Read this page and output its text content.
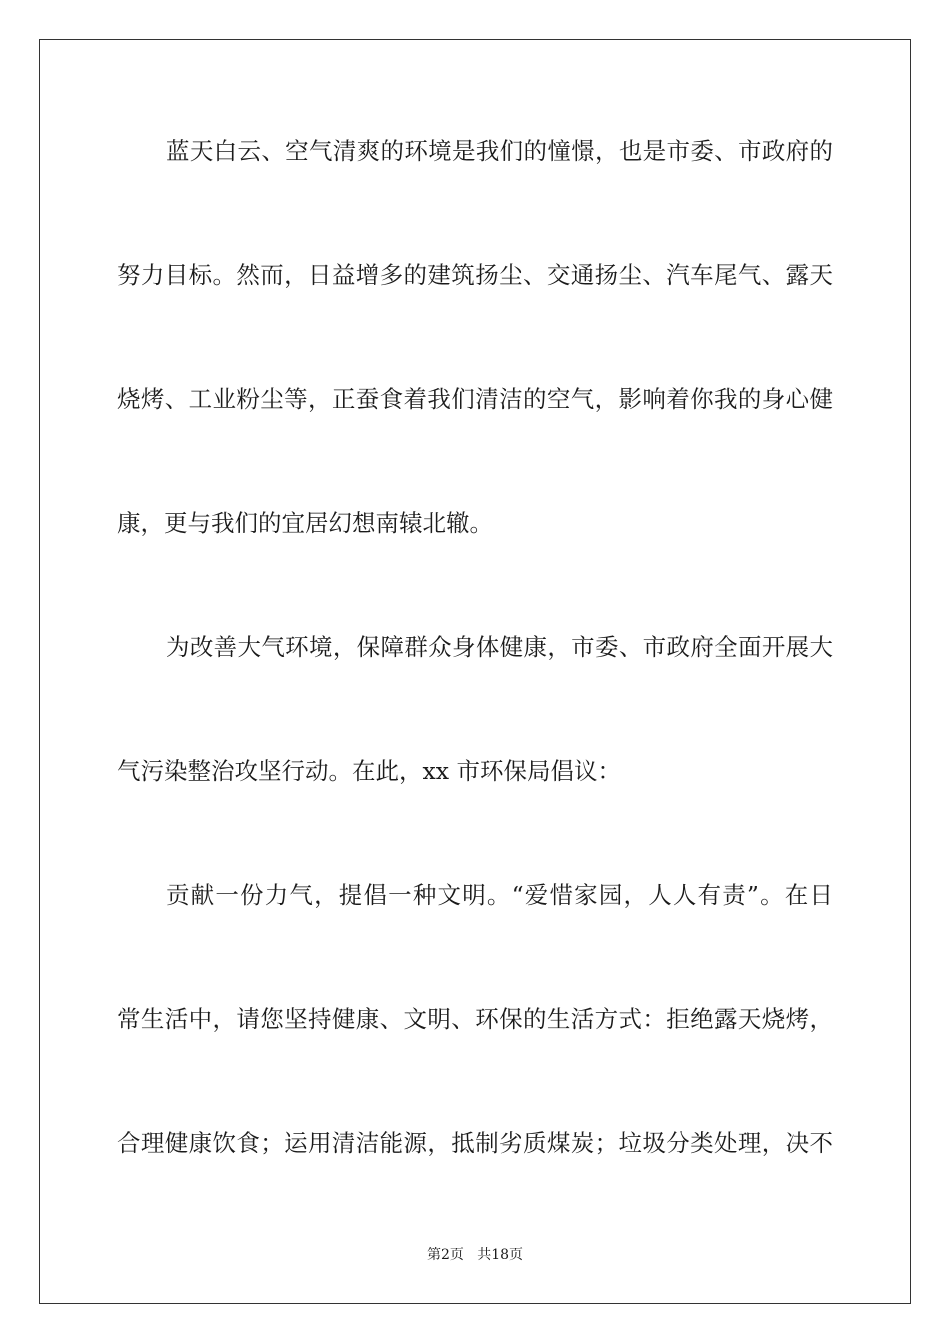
蓝天白云、空气清爽的环境是我们的憧憬，也是市委、市政府的
努力目标。然而，日益增多的建筑扬尘、交通扬尘、汽车尾气、露天
烧烤、工业粉尘等，正蚕食着我们清洁的空气，影响着你我的身心健
康，更与我们的宜居幻想南辕北辙。
为改善大气环境，保障群众身体健康，市委、市政府全面开展大
气污染整治攻坚行动。在此，xx 市环保局倡议：
贡献一份力气，提倡一种文明。“爱惜家园，人人有责”。在日
常生活中，请您坚持健康、文明、环保的生活方式：拒绝露天烧烤，
合理健康饮食；运用清洁能源，抵制劣质煤炭；垃圾分类处理，决不
第2页   共18页
